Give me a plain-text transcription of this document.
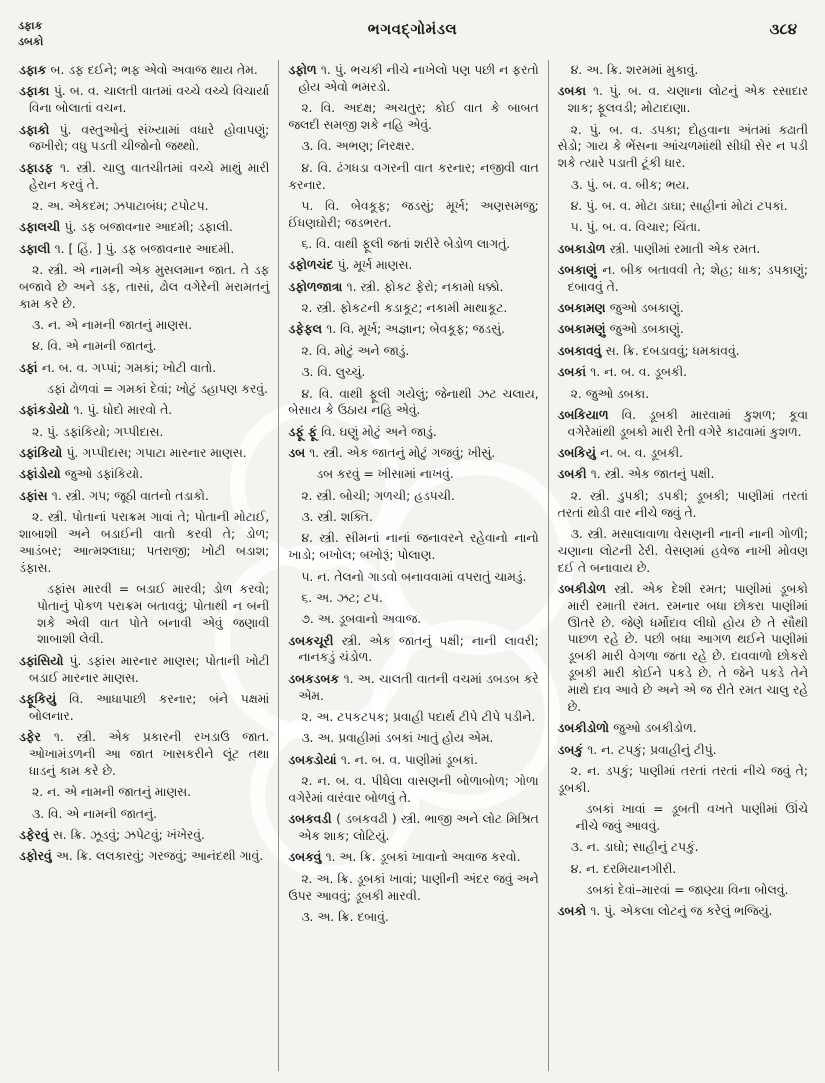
ડફાક
ડબકો
ભગવદ્ગોમંડલ	૩૮૪
ડફાક બ. ડફ દઈને; ભફ એવો અવાજ થાય તેમ.
ડફાકા પું. બ. વ. ચાલતી વાતમાં વચ્ચે વચ્ચે વિચાર્યા વિના બોલાતાં વચન.
ડફાકો પું. વસ્તુઓનું સંખ્યામાં વધારે હોવાપણું; જખીરો; વધુ પડતી ચીજોનો જથ્થો.
ડફાડફ ૧. સ્ત્રી. ચાલુ વાતચીતમાં વચ્ચે માથું મારી હેરાન કરવું તે.
૨. અ. એકદમ; ઝપાટાબંધ; ટપોટપ.
ડફાલચી પું. ડફ બજાવનાર આદમી; ડફાલી.
ડફાલી ૧. [ હિં. ] પું. ડફ બજાવનાર આદમી.
૨. સ્ત્રી. એ નામની એક મુસલમાન જાત. તે ડફ બજાવે છે અને ડફ, તાસાં, ઢોલ વગેરેની મરામતનું કામ કરે છે.
૩. ન. એ નામની જાતનું માણસ.
૪. વિ. એ નામની જાતનું.
ડફાં ન. બ. વ. ગપ્પાં; ગમકાં; ખોટી વાતો.
ડફાં ઢોળવાં = ગમકાં દેવાં; ખોટું ડહાપણ કરવું.
ડફાંકડોયો ૧. પું. ધોદો મારવો તે.
૨. પું. ડફાંકિયો; ગપ્પીદાસ.
ડફાંકિયો પું. ગપ્પીદાસ; ગપાટા મારનાર માણસ.
ડફાંડોયો જુઓ ડફાંકિયો.
ડફાંસ ૧. સ્ત્રી. ગપ; જૂઠી વાતનો તડાકો.
૨. સ્ત્રી. પોતાનાં પરાક્રમ ગાવાં તે; પોતાની મોટાઈ, શાબાશી અને બડાઈની વાતો કરવી તે; ડોળ; આડંબર; આત્મશ્લાઘા; પતરાજી; ખોટી બડાશ; ડંફાસ.
ડફાંસ મારવી = બડાઈ મારવી; ડોળ કરવો; પોતાનું પોકળ પરાક્રમ બતાવવું; પોતાથી ન બની શકે એવી વાત પોતે બનાવી એવું જણાવી શાબાશી લેવી.
ડફાંસિયો પું. ડફાંસ મારનાર માણસ; પોતાની ખોટી બડાઈ મારનાર માણસ.
ડફૂકિયું વિ. આધાપાછી કરનાર; બંને પક્ષમાં બોલનાર.
ડફેર ૧. સ્ત્રી. એક પ્રકારની રખડાઉ જાત. ઓખામંડળની આ જાત ખાસકરીને લૂંટ તથા ધાડનું કામ કરે છે.
૨. ન. એ નામની જાતનું માણસ.
૩. વિ. એ નામની જાતનું.
ડફેરવું સ. ક્રિ. ઝૂડવું; ઝપેટવું; ખંખેરવું.
ડફોરવું અ. ક્રિ. લલકારવું; ગરજવું; આનંદથી ગાવું.
ડફોળ ૧. પું. ભચકી નીચે નાખેલો પણ પછી ન ફરતો હોય એવો ભમરડો.
૨. વિ. અદક્ષ; અચતુર; કોઈ વાત કે બાબત જલદી સમજી શકે નહિ એવું.
૩. વિ. અભણ; નિરક્ષર.
૪. વિ. ઢંગધડા વગરની વાત કરનાર; નજીવી વાત કરનાર.
૫. વિ. બેવકૂફ; જડસું; મૂર્ખ; અણસમજુ; ઈંધણઘોરી; જડભરત.
૬. વિ. વાથી ફૂલી જતાં શરીરે બેડોળ લાગતું.
ડફોળચંદ પું. મૂર્ખ માણસ.
ડફોળજાત્રા ૧. સ્ત્રી. ફોકટ ફેરો; નકામો ધક્કો.
૨. સ્ત્રી. ફોકટની કડાકૂટ; નકામી માથાકૂટ.
ડફેફલ ૧. વિ. મૂર્ખ; અજ્ઞાન; બેવકૂફ; જડસું.
૨. વિ. મોટું અને જાડું.
૩. વિ. લુચ્ચું.
૪. વિ. વાથી ફૂલી ગયેલું; જેનાથી ઝટ ચલાય, બેસાય કે ઉઠાય નહિ એવું.
ડફૂં ફૂં વિ. ઘણું મોટું અને જાડું.
ડબ ૧. સ્ત્રી. એક જાતનું મોટું ગજવું; ખીસું.
ડબ કરવું = ખીસામાં નાખવું.
૨. સ્ત્રી. બોચી; ગળચી; હડપચી.
૩. સ્ત્રી. શક્તિ.
૪. સ્ત્રી. સીમનાં નાનાં જનાવરને રહેવાનો નાનો ખાડો; બખોલ; બખોરૂં; પોલાણ.
૫. ન. તેલનો ગાડવો બનાવવામાં વપરાતું ચામડું.
૬. અ. ઝટ; ટપ.
૭. અ. ડૂબવાનો અવાજ.
ડબકચૂરી સ્ત્રી. એક જાતનું પક્ષી; નાની લાવરી; નાનકડું ચંડોળ.
ડબકડબક ૧. અ. ચાલતી વાતની વચમાં ડબડબ કરે એમ.
૨. અ. ટપકટપક; પ્રવાહી પદાર્થ ટીપે ટીપે પડીને.
૩. અ. પ્રવાહીમાં ડબકાં ખાતું હોય એમ.
ડબકડોયાં ૧. ન. બ. વ. પાણીમાં ડૂબકાં.
૨. ન. બ. વ. પીધેલા વાસણની બોળાબોળ; ગોળા વગેરેમાં વારંવાર બોળવું તે.
ડબકવડી ( ડબકવઢી ) સ્ત્રી. ભાજી અને લોટ મિશ્રિત એક શાક; લોટિયું.
ડબકવું ૧. અ. ક્રિ. ડૂબકાં ખાવાનો અવાજ કરવો.
૨. અ. ક્રિ. ડૂબકાં ખાવાં; પાણીની અંદર જવું અને ઉપર આવવું; ડૂબકી મારવી.
૩. અ. ક્રિ. દબાવું.
૪. અ. ક્રિ. શરમમાં મુકાવું.
ડબકા ૧. પું. બ. વ. ચણાના લોટનું એક રસાદાર શાક; ફૂલવડી; મોટાદાણા.
૨. પું. બ. વ. ડપકા; દોહવાના અંતમાં કઢાતી સેડો; ગાય કે ભેંસના આંચળમાંથી સીધી સેર ન પડી શકે ત્યારે પડાતી ટૂંકી ધાર.
૩. પું. બ. વ. બીક; ભય.
૪. પું. બ. વ. મોટા ડાઘા; સાહીનાં મોટાં ટપકાં.
૫. પું. બ. વ. વિચાર; ચિંતા.
ડબકાડોળ સ્ત્રી. પાણીમાં રમાતી એક રમત.
ડબકાણું ન. બીક બતાવવી તે; શેહ; ધાક; ડપકાણું; દબાવવું તે.
ડબકામણ જુઓ ડબકાણું.
ડબકામણું જુઓ ડબકાણું.
ડબકાવવું સ. ક્રિ. દબડાવવું; ધમકાવવું.
ડબકાં ૧. ન. બ. વ. ડૂબકી.
૨. જુઓ ડબકા.
ડબકિયાળ વિ. ડૂબકી મારવામાં કુશળ; કૂવા વગેરેમાંથી ડૂબકો મારી રેતી વગેરે કાઢવામાં કુશળ.
ડબકિયું ન. બ. વ. ડૂબકી.
ડબકી ૧. સ્ત્રી. એક જાતનું પક્ષી.
૨. સ્ત્રી. ડુપકી; ડપકી; ડૂબકી; પાણીમાં તરતાં તરતાં થોડી વાર નીચે જવું તે.
૩. સ્ત્રી. મસાલાવાળા વેસણની નાની નાની ગોળી; ચણાના લોટની ઢેરી. વેસણમાં હવેજ નાખી મોવણ દઈ તે બનાવાય છે.
ડબકીડોળ સ્ત્રી. એક દેશી રમત; પાણીમાં ડૂબકો મારી રમાતી રમત. રમનાર બધા છોકરા પાણીમાં ઊતરે છે. જેણે ધર્મોદાવ લીધો હોય છે તે સૌથી પાછળ રહે છે. પછી બધા આગળ થઈને પાણીમાં ડૂબકી મારી વેગળા જતા રહે છે. દાવવાળો છોકરો ડૂબકી મારી કોઈને પકડે છે. તે જેને પકડે તેને માથે દાવ આવે છે અને એ જ રીતે રમત ચાલુ રહે છે.
ડબકીડોળો જુઓ ડબકીડોળ.
ડબકું ૧. ન. ટપકું; પ્રવાહીનું ટીપું.
૨. ન. ડપકું; પાણીમાં તરતાં તરતાં નીચે જવું તે; ડૂબકી.
ડબકાં ખાવાં = ડૂબતી વખતે પાણીમાં ઊંચે નીચે જવું આવવું.
૩. ન. ડાઘો; સાહીનું ટપકું.
૪. ન. દરમિયાનગીરી.
ડબકાં દેવાં–મારવાં = જાણ્યા વિના બોલવું.
ડબકો ૧. પું. એકલા લોટનું જ કરેલું ભજિયું.
